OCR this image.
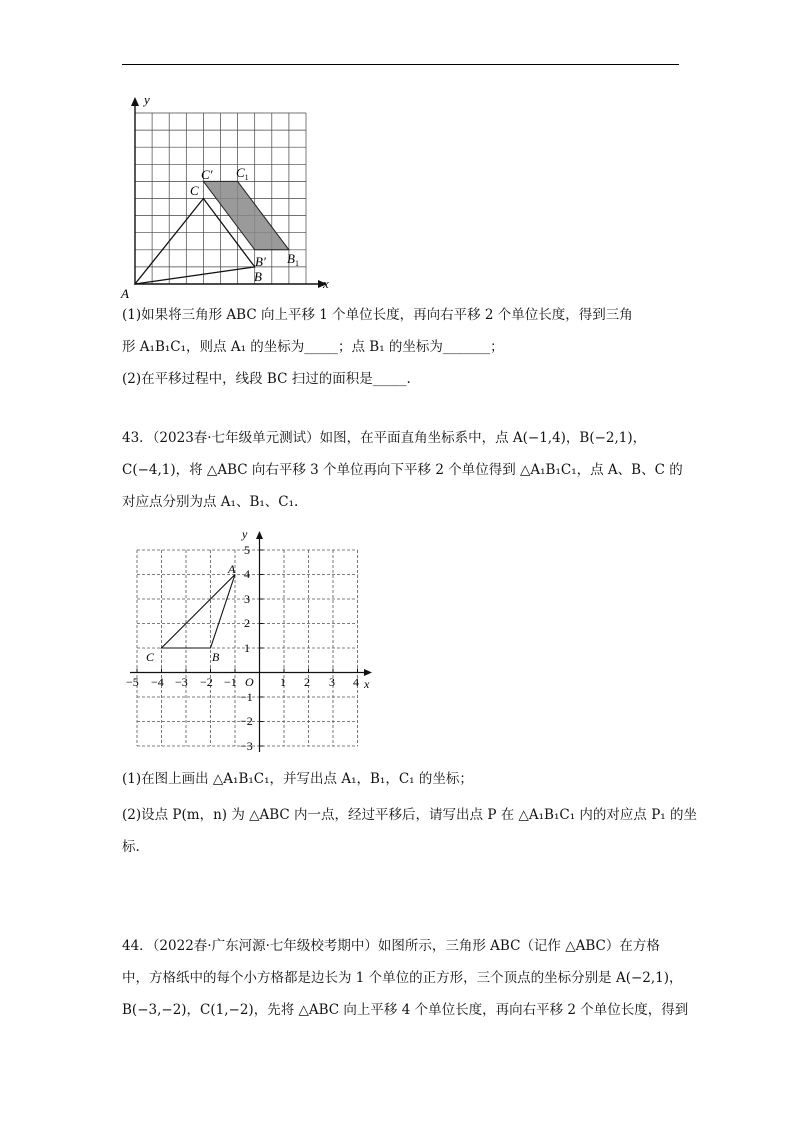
x
y
A
B
C
B′
C′
$B_1$
$C_1$
(1)如果将三角形 ABC 向上平移 1 个单位长度，再向右平移 2 个单位长度，得到三角
形 A₁B₁C₁，则点 A₁ 的坐标为_____；点 B₁ 的坐标为_______；
(2)在平移过程中，线段 BC 扫过的面积是_____.
43．（2023春·七年级单元测试）如图，在平面直角坐标系中，点 A(−1,4)，B(−2,1)，
C(−4,1)，将 △ABC 向右平移 3 个单位再向下平移 2 个单位得到 △A₁B₁C₁，点 A、B、C 的
对应点分别为点 A₁、B₁、C₁.
−5 −4 −3 −2 −1	1 2 3 4
5
4
3
2
1
−1
−2
−3
O	x
y
A
B
C
(1)在图上画出 △A₁B₁C₁，并写出点 A₁，B₁，C₁ 的坐标；
(2)设点 P(m，n) 为 △ABC 内一点，经过平移后，请写出点 P 在 △A₁B₁C₁ 内的对应点 P₁ 的坐
标.
44．（2022春·广东河源·七年级校考期中）如图所示，三角形 ABC（记作 △ABC）在方格
中，方格纸中的每个小方格都是边长为 1 个单位的正方形，三个顶点的坐标分别是 A(−2,1)，
B(−3,−2)，C(1,−2)，先将 △ABC 向上平移 4 个单位长度，再向右平移 2 个单位长度，得到
